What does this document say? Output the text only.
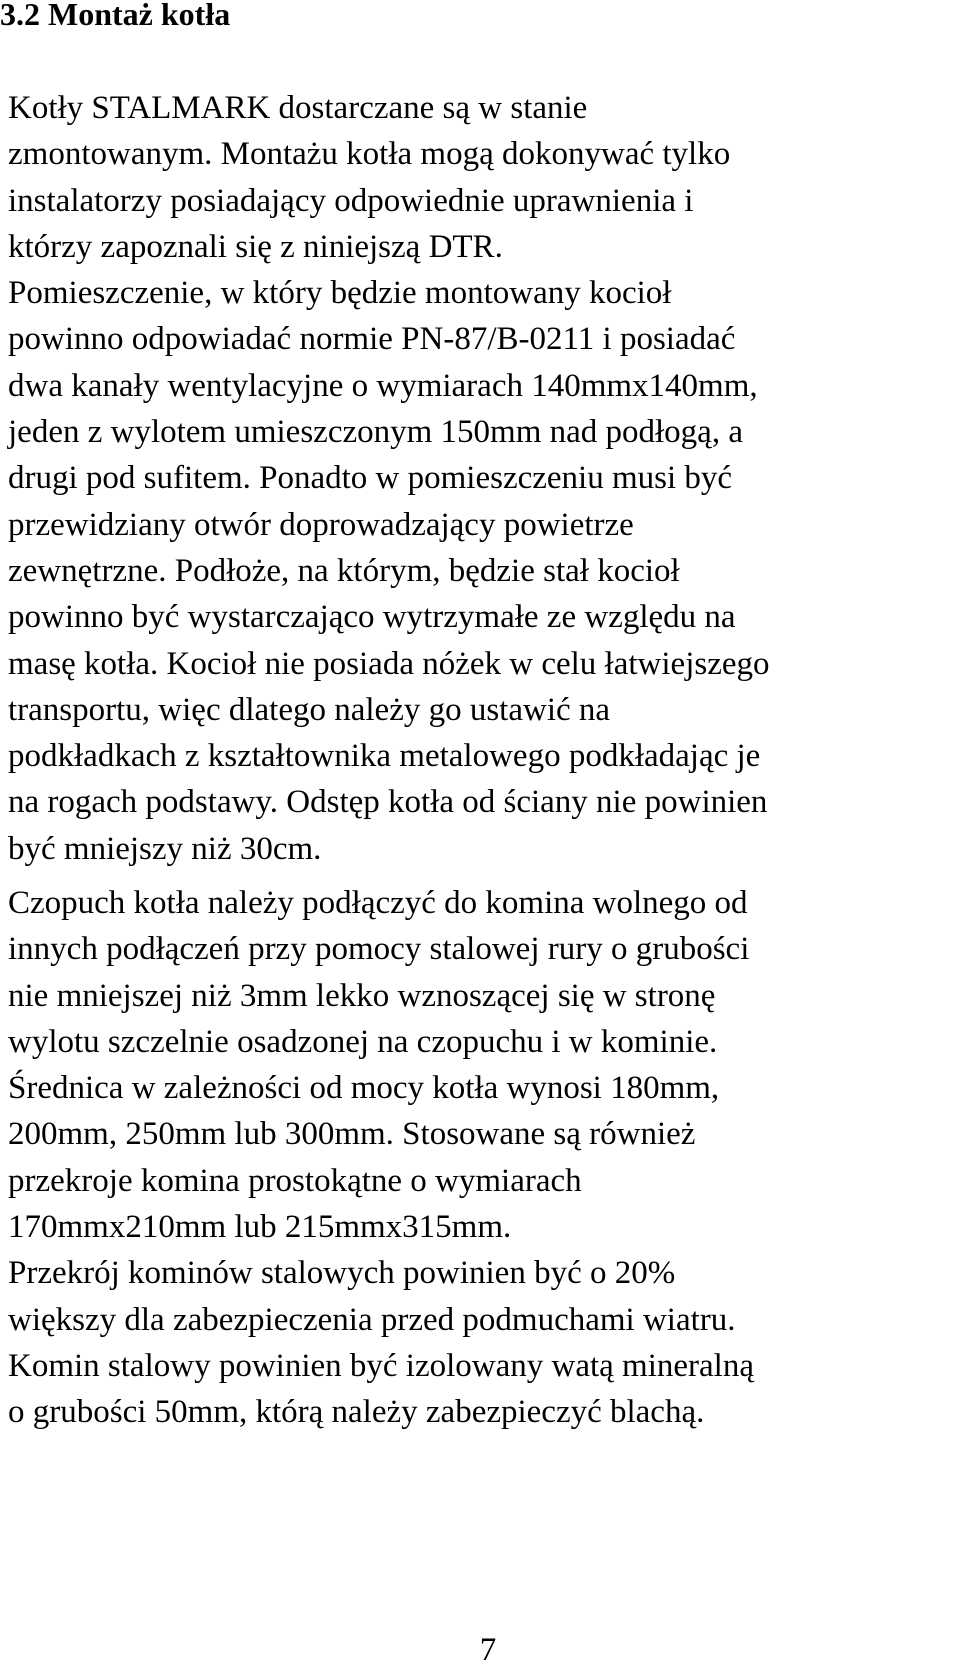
3.2 Montaż kotła

Kotły STALMARK dostarczane są w stanie
zmontowanym. Montażu kotła mogą dokonywać tylko
instalatorzy posiadający odpowiednie uprawnienia i
którzy zapoznali się z niniejszą DTR.
Pomieszczenie, w który będzie montowany kocioł
powinno odpowiadać normie PN-87/B-0211 i posiadać
dwa kanały wentylacyjne o wymiarach 140mmx140mm,
jeden z wylotem umieszczonym 150mm nad podłogą, a
drugi pod sufitem. Ponadto w pomieszczeniu musi być
przewidziany otwór doprowadzający powietrze
zewnętrzne. Podłoże, na którym, będzie stał kocioł
powinno być wystarczająco wytrzymałe ze względu na
masę kotła. Kocioł nie posiada nóżek w celu łatwiejszego
transportu, więc dlatego należy go ustawić na
podkładkach z kształtownika metalowego podkładając je
na rogach podstawy. Odstęp kotła od ściany nie powinien
być mniejszy niż 30cm.

Czopuch kotła należy podłączyć do komina wolnego od
innych podłączeń przy pomocy stalowej rury o grubości
nie mniejszej niż 3mm lekko wznoszącej się w stronę
wylotu szczelnie osadzonej na czopuchu i w kominie.
Średnica w zależności od mocy kotła wynosi 180mm,
200mm, 250mm lub 300mm. Stosowane są również
przekroje komina prostokątne o wymiarach
170mmx210mm lub 215mmx315mm.
Przekrój kominów stalowych powinien być o 20%
większy dla zabezpieczenia przed podmuchami wiatru.
Komin stalowy powinien być izolowany watą mineralną
o grubości 50mm, którą należy zabezpieczyć blachą.

7
